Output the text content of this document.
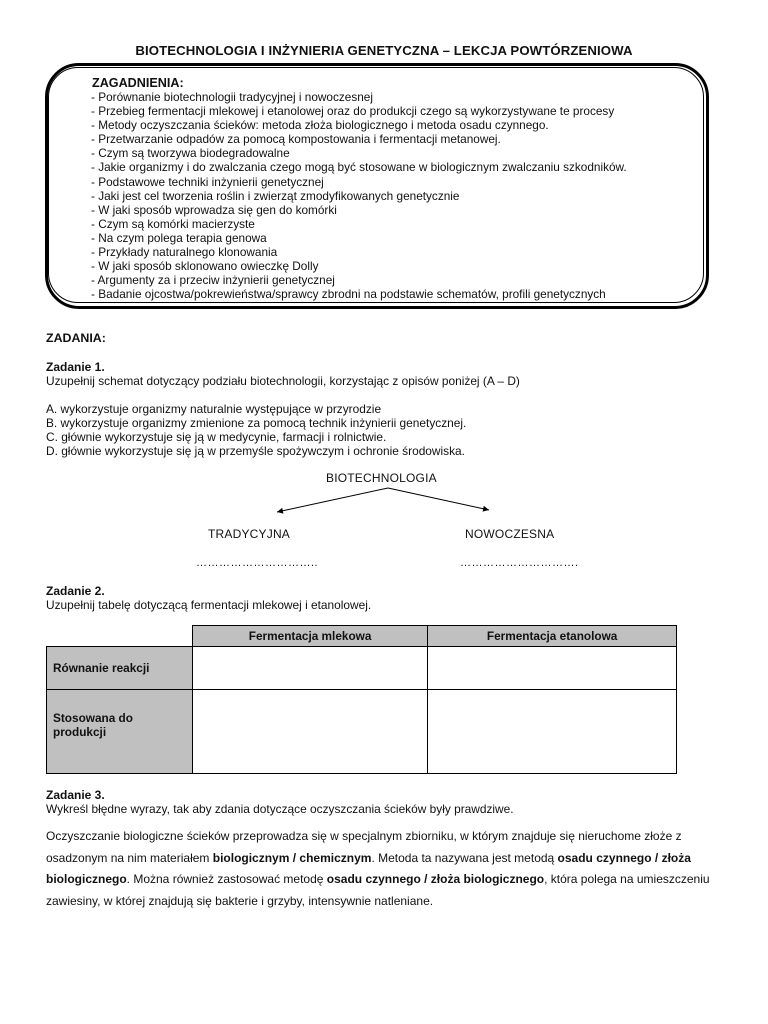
BIOTECHNOLOGIA I INŻYNIERIA GENETYCZNA – LEKCJA POWTÓRZENIOWA
ZAGADNIENIA:
- Porównanie biotechnologii tradycyjnej i nowoczesnej
- Przebieg fermentacji mlekowej i etanolowej oraz do produkcji czego są wykorzystywane te procesy
- Metody oczyszczania ścieków: metoda złoża biologicznego i metoda osadu czynnego.
- Przetwarzanie odpadów za pomocą kompostowania i fermentacji metanowej.
- Czym są tworzywa biodegradowalne
- Jakie organizmy i do zwalczania czego mogą być stosowane w biologicznym zwalczaniu szkodników.
- Podstawowe techniki inżynierii genetycznej
- Jaki jest cel tworzenia roślin i zwierząt zmodyfikowanych genetycznie
- W jaki sposób wprowadza się gen do komórki
- Czym są komórki macierzyste
- Na czym polega terapia genowa
- Przykłady naturalnego klonowania
- W jaki sposób sklonowano owieczkę Dolly
- Argumenty za i przeciw inżynierii genetycznej
- Badanie ojcostwa/pokrewieństwa/sprawcy zbrodni na podstawie schematów, profili genetycznych
ZADANIA:
Zadanie 1.
Uzupełnij schemat dotyczący podziału biotechnologii, korzystając z opisów poniżej (A – D)
A. wykorzystuje organizmy naturalnie występujące w przyrodzie
B. wykorzystuje organizmy zmienione za pomocą technik inżynierii genetycznej.
C. głównie wykorzystuje się ją w medycynie, farmacji i rolnictwie.
D. głównie wykorzystuje się ją w przemyśle spożywczym i ochronie środowiska.
BIOTECHNOLOGIA
TRADYCYJNA	NOWOCZESNA
…………………………..	………………………….
Zadanie 2.
Uzupełnij tabelę dotyczącą fermentacji mlekowej i etanolowej.
	Fermentacja mlekowa	Fermentacja etanolowa
Równanie reakcji		
Stosowana do produkcji		
Zadanie 3.
Wykreśl błędne wyrazy, tak aby zdania dotyczące oczyszczania ścieków były prawdziwe.
Oczyszczanie biologiczne ścieków przeprowadza się w specjalnym zbiorniku, w którym znajduje się nieruchome złoże z osadzonym na nim materiałem biologicznym / chemicznym. Metoda ta nazywana jest metodą osadu czynnego / złoża biologicznego. Można również zastosować metodę osadu czynnego / złoża biologicznego, która polega na umieszczeniu zawiesiny, w której znajdują się bakterie i grzyby, intensywnie natleniane.
